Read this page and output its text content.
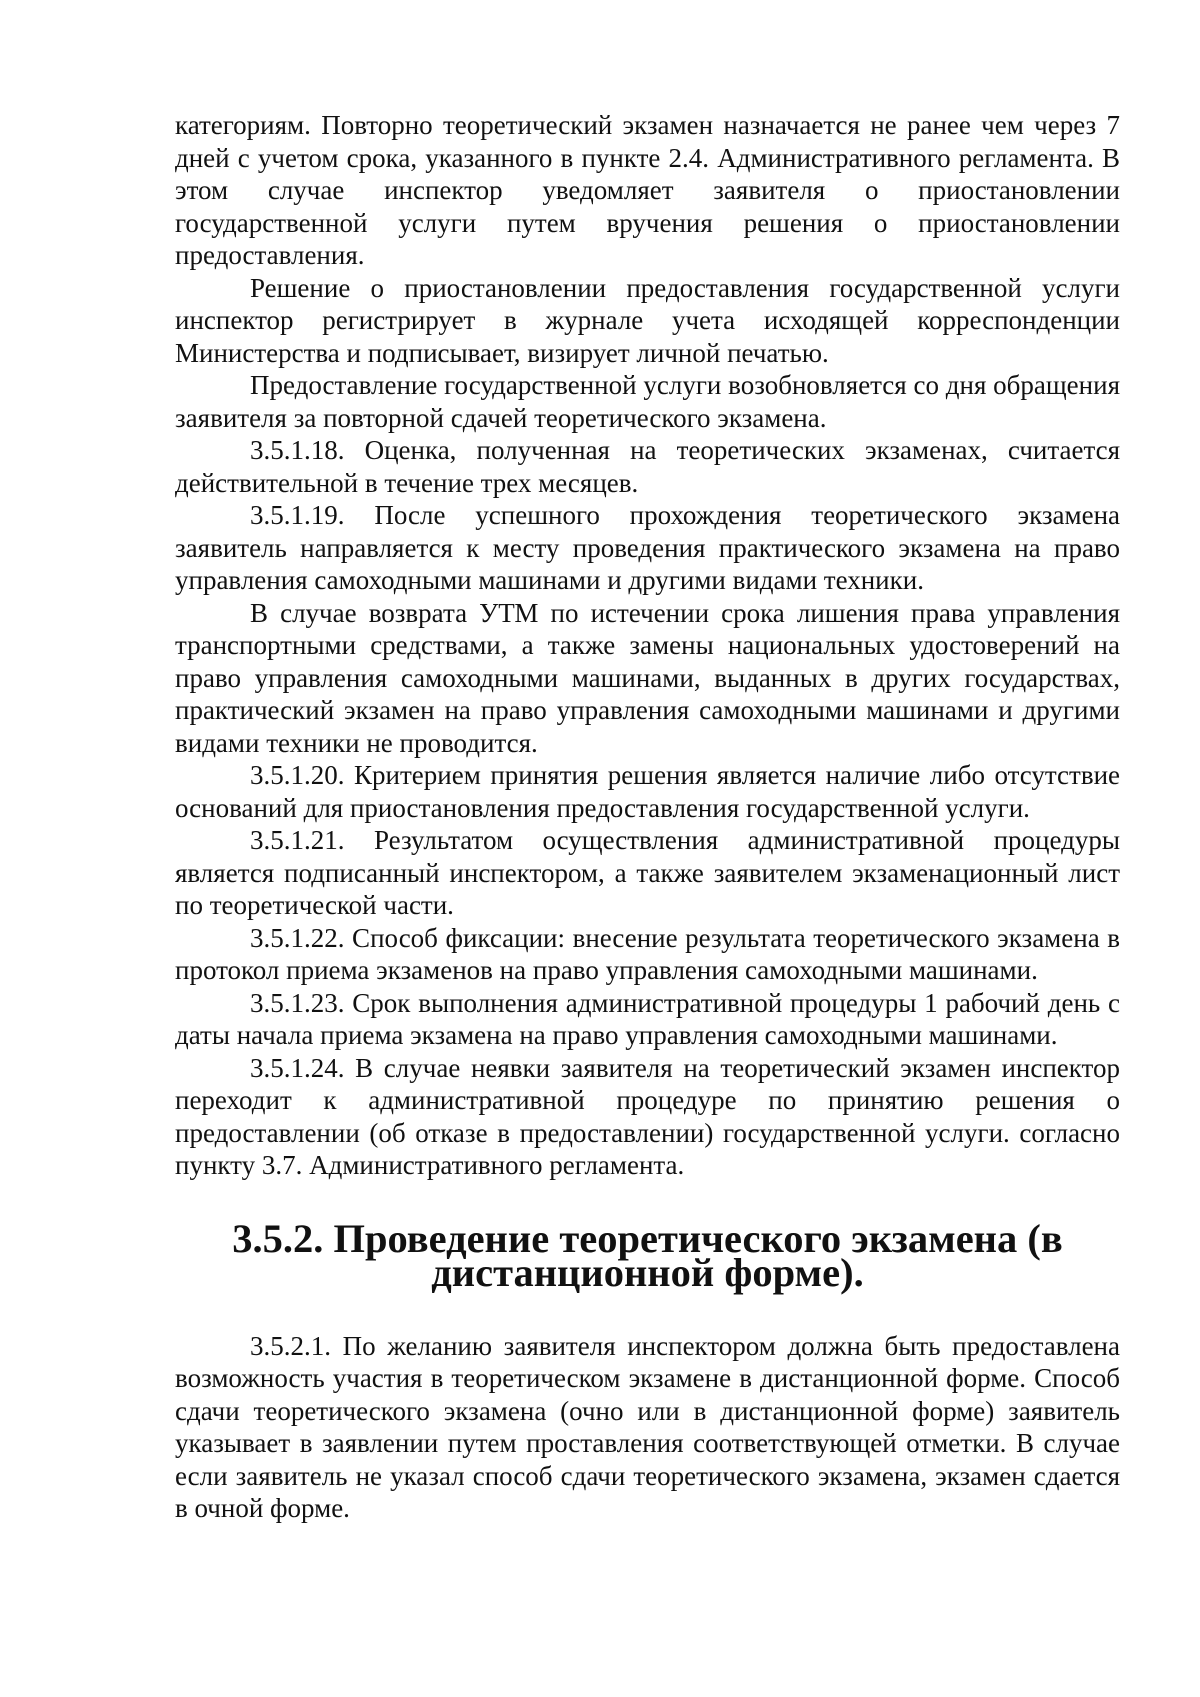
категориям. Повторно теоретический экзамен назначается не ранее чем через 7 дней с учетом срока, указанного в пункте 2.4. Административного регламента. В этом случае инспектор уведомляет заявителя о приостановлении государственной услуги путем вручения решения о приостановлении предоставления.

Решение о приостановлении предоставления государственной услуги инспектор регистрирует в журнале учета исходящей корреспонденции Министерства и подписывает, визирует личной печатью.

Предоставление государственной услуги возобновляется со дня обращения заявителя за повторной сдачей теоретического экзамена.

3.5.1.18. Оценка, полученная на теоретических экзаменах, считается действительной в течение трех месяцев.

3.5.1.19. После успешного прохождения теоретического экзамена заявитель направляется к месту проведения практического экзамена на право управления самоходными машинами и другими видами техники.

В случае возврата УТМ по истечении срока лишения права управления транспортными средствами, а также замены национальных удостоверений на право управления самоходными машинами, выданных в других государствах, практический экзамен на право управления самоходными машинами и другими видами техники не проводится.

3.5.1.20. Критерием принятия решения является наличие либо отсутствие оснований для приостановления предоставления государственной услуги.

3.5.1.21. Результатом осуществления административной процедуры является подписанный инспектором, а также заявителем экзаменационный лист по теоретической части.

3.5.1.22. Способ фиксации: внесение результата теоретического экзамена в протокол приема экзаменов на право управления самоходными машинами.

3.5.1.23. Срок выполнения административной процедуры 1 рабочий день с даты начала приема экзамена на право управления самоходными машинами.

3.5.1.24. В случае неявки заявителя на теоретический экзамен инспектор переходит к административной процедуре по принятию решения о предоставлении (об отказе в предоставлении) государственной услуги. согласно пункту 3.7. Административного регламента.

3.5.2. Проведение теоретического экзамена (в дистанционной форме).

3.5.2.1. По желанию заявителя инспектором должна быть предоставлена возможность участия в теоретическом экзамене в дистанционной форме. Способ сдачи теоретического экзамена (очно или в дистанционной форме) заявитель указывает в заявлении путем проставления соответствующей отметки. В случае если заявитель не указал способ сдачи теоретического экзамена, экзамен сдается в очной форме.
